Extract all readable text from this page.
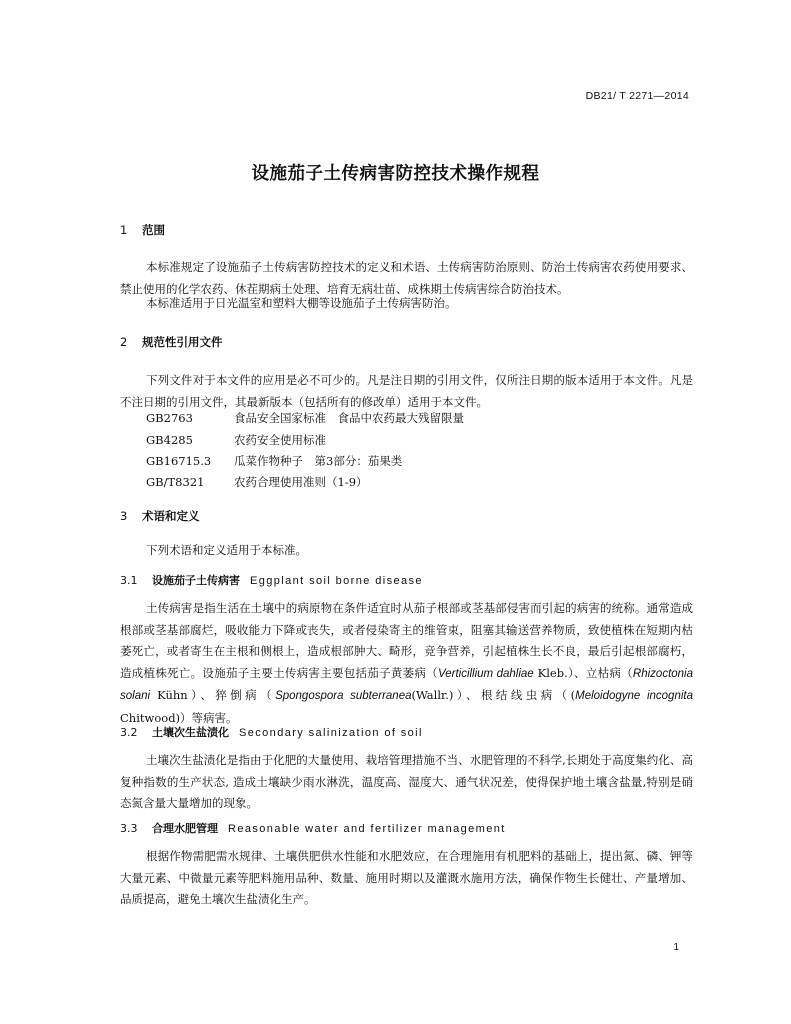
DB21/ T 2271—2014
设施茄子土传病害防控技术操作规程
1 范围

本标准规定了设施茄子土传病害防控技术的定义和术语、土传病害防治原则、防治土传病害农药使用要求、禁止使用的化学农药、休茬期病土处理、培育无病壮苗、成株期土传病害综合防治技术。

本标准适用于日光温室和塑料大棚等设施茄子土传病害防治。

2 规范性引用文件

下列文件对于本文件的应用是必不可少的。凡是注日期的引用文件，仅所注日期的版本适用于本文件。凡是不注日期的引用文件，其最新版本（包括所有的修改单）适用于本文件。

GB2763	食品安全国家标准　食品中农药最大残留限量
GB4285	农药安全使用标准
GB16715.3 瓜菜作物种子　第3部分：茄果类
GB/T8321	农药合理使用准则（1-9）
3 术语和定义

下列术语和定义适用于本标准。

3.1 设施茄子土传病害 Eggplant soil borne disease

土传病害是指生活在土壤中的病原物在条件适宜时从茄子根部或茎基部侵害而引起的病害的统称。通常造成根部或茎基部腐烂，吸收能力下降或丧失，或者侵染寄主的维管束，阻塞其输送营养物质，致使植株在短期内枯萎死亡，或者寄生在主根和侧根上，造成根部肿大、畸形，竞争营养，引起植株生长不良，最后引起根部腐朽，造成植株死亡。设施茄子主要土传病害主要包括茄子黄萎病（Verticillium dahliae Kleb.）、立枯病（Rhizoctonia solani Kühn）、猝倒病（Spongospora subterranea(Wallr.)）、根结线虫病（(Meloidogyne incognita Chitwood)）等病害。

3.2 土壤次生盐渍化 Secondary salinization of soil

土壤次生盐渍化是指由于化肥的大量使用、栽培管理措施不当、水肥管理的不科学,长期处于高度集约化、高复种指数的生产状态, 造成土壤缺少雨水淋洗，温度高、湿度大、通气状况差，使得保护地土壤含盐量,特别是硝态氮含量大量增加的现象。

3.3 合理水肥管理 Reasonable water and fertilizer management

根据作物需肥需水规律、土壤供肥供水性能和水肥效应，在合理施用有机肥料的基础上，提出氮、磷、钾等大量元素、中微量元素等肥料施用品种、数量、施用时期以及灌溉水施用方法，确保作物生长健壮、产量增加、品质提高，避免土壤次生盐渍化生产。

1
